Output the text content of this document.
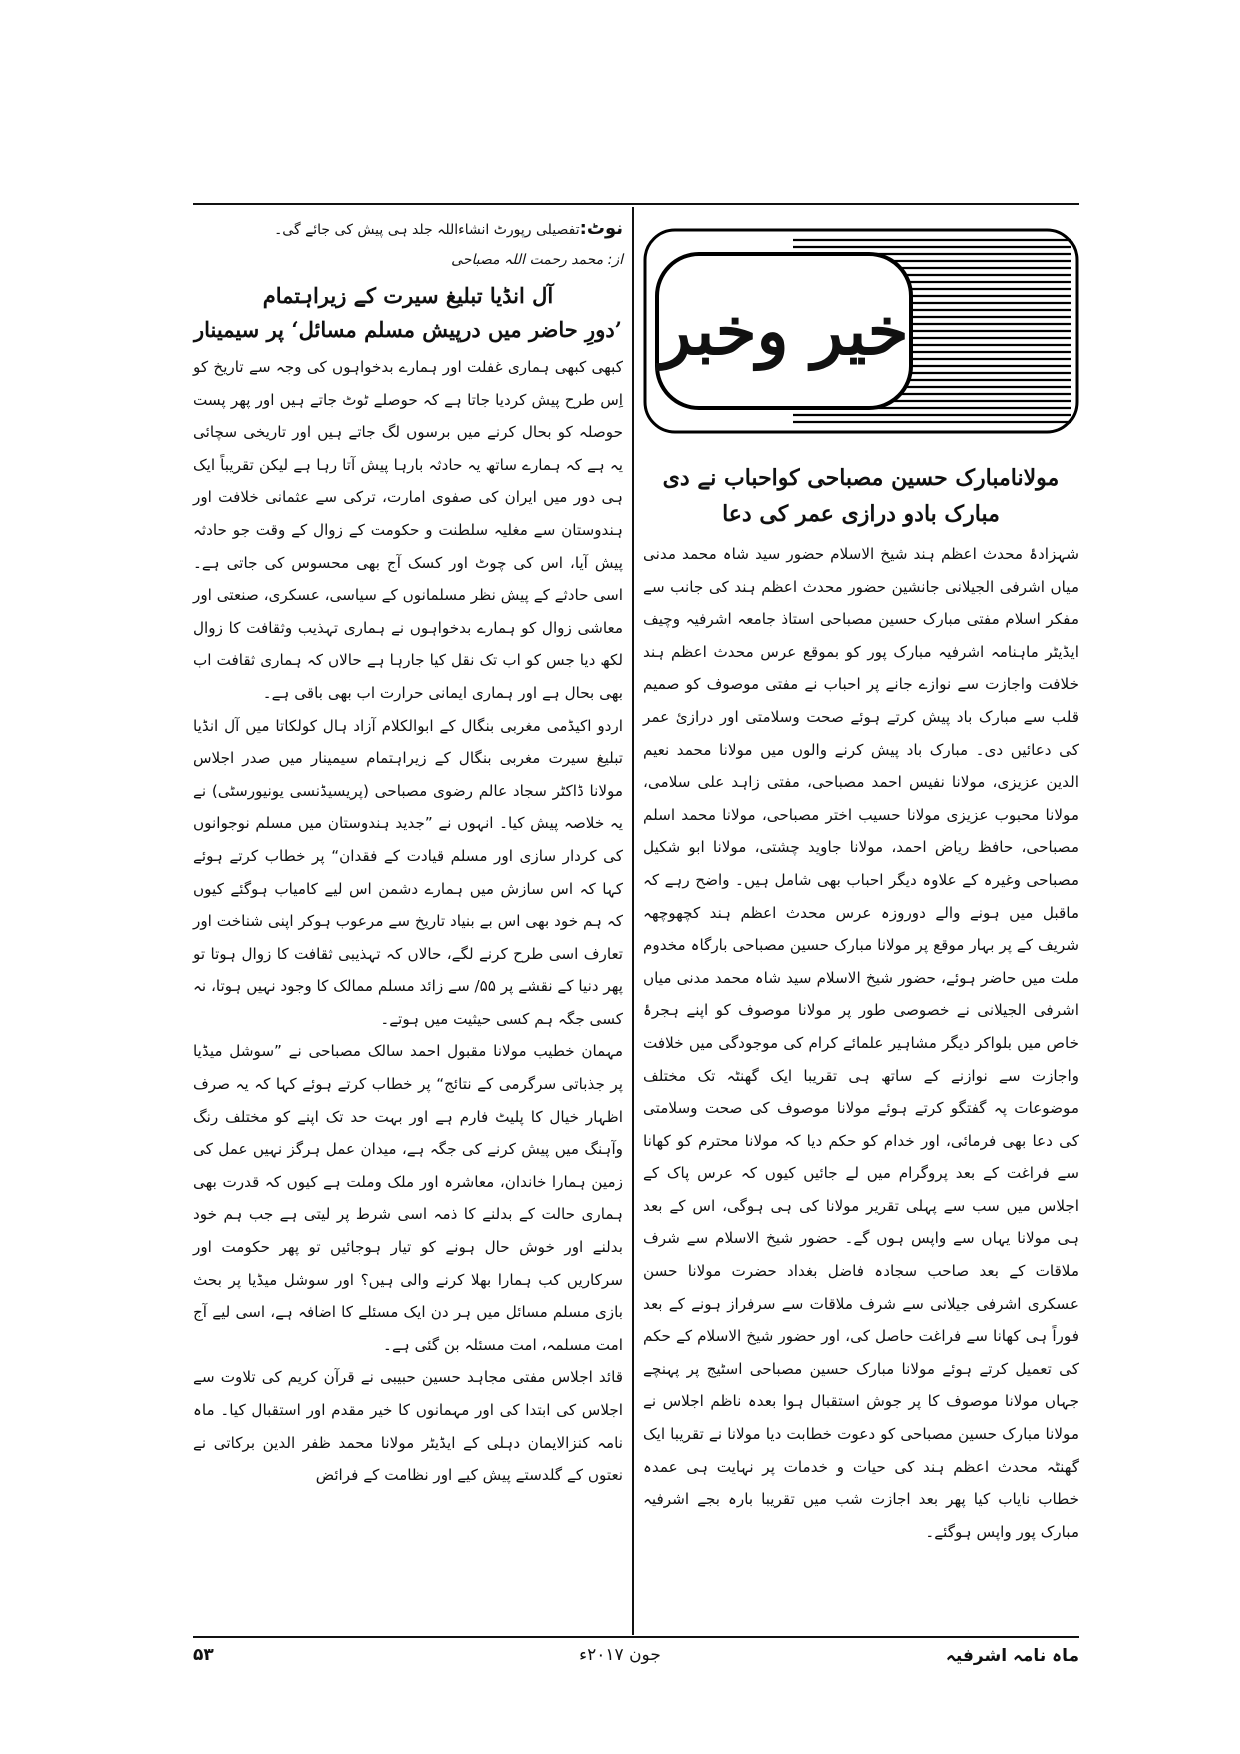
خیر وخبر
مولانامبارک حسین مصباحی کواحباب نے دی
مبارک بادو درازی عمر کی دعا

شہزادۂ محدث اعظم ہند شیخ الاسلام حضور سید شاہ محمد مدنی میاں اشرفی الجیلانی جانشین حضور محدث اعظم ہند کی جانب سے مفکر اسلام مفتی مبارک حسین مصباحی استاذ جامعہ اشرفیہ وچیف ایڈیٹر ماہنامہ اشرفیہ مبارک پور کو بموقع عرس محدث اعظم ہند خلافت واجازت سے نوازے جانے پر احباب نے مفتی موصوف کو صمیم قلب سے مبارک باد پیش کرتے ہوئے صحت وسلامتی اور درازیٔ عمر کی دعائیں دی۔ مبارک باد پیش کرنے والوں میں مولانا محمد نعیم الدین عزیزی، مولانا نفیس احمد مصباحی، مفتی زاہد علی سلامی، مولانا محبوب عزیزی مولانا حسیب اختر مصباحی، مولانا محمد اسلم مصباحی، حافظ ریاض احمد، مولانا جاوید چشتی، مولانا ابو شکیل مصباحی وغیرہ کے علاوہ دیگر احباب بھی شامل ہیں۔ واضح رہے کہ ماقبل میں ہونے والے دوروزہ عرس محدث اعظم ہند کچھوچھہ شریف کے پر بہار موقع پر مولانا مبارک حسین مصباحی بارگاہ مخدوم ملت میں حاضر ہوئے، حضور شیخ الاسلام سید شاہ محمد مدنی میاں اشرفی الجیلانی نے خصوصی طور پر مولانا موصوف کو اپنے ہجرۂ خاص میں بلواکر دیگر مشاہیر علمائے کرام کی موجودگی میں خلافت واجازت سے نوازنے کے ساتھ ہی تقریبا ایک گھنٹہ تک مختلف موضوعات پہ گفتگو کرتے ہوئے مولانا موصوف کی صحت وسلامتی کی دعا بھی فرمائی، اور خدام کو حکم دیا کہ مولانا محترم کو کھانا سے فراغت کے بعد پروگرام میں لے جائیں کیوں کہ عرس پاک کے اجلاس میں سب سے پہلی تقریر مولانا کی ہی ہوگی، اس کے بعد ہی مولانا یہاں سے واپس ہوں گے۔ حضور شیخ الاسلام سے شرف ملاقات کے بعد صاحب سجادہ فاضل بغداد حضرت مولانا حسن عسکری اشرفی جیلانی سے شرف ملاقات سے سرفراز ہونے کے بعد فوراً ہی کھانا سے فراغت حاصل کی، اور حضور شیخ الاسلام کے حکم کی تعمیل کرتے ہوئے مولانا مبارک حسین مصباحی اسٹیج پر پہنچے جہاں مولانا موصوف کا پر جوش استقبال ہوا بعدہ ناظم اجلاس نے مولانا مبارک حسین مصباحی کو دعوت خطابت دیا مولانا نے تقریبا ایک گھنٹہ محدث اعظم ہند کی حیات و خدمات پر نہایت ہی عمدہ خطاب نایاب کیا پھر بعد اجازت شب میں تقریبا بارہ بجے اشرفیہ مبارک پور واپس ہوگئے۔

نوٹ:تفصیلی رپورٹ انشاءاللہ جلد ہی پیش کی جائے گی۔
از: محمد رحمت اللہ مصباحی
آل انڈیا تبلیغ سیرت کے زیراہتمام
’دورِ حاضر میں درپیش مسلم مسائل‘ پر سیمینار

کبھی کبھی ہماری غفلت اور ہمارے بدخواہوں کی وجہ سے تاریخ کو اِس طرح پیش کردیا جاتا ہے کہ حوصلے ٹوٹ جاتے ہیں اور پھر پست حوصلہ کو بحال کرنے میں برسوں لگ جاتے ہیں اور تاریخی سچائی یہ ہے کہ ہمارے ساتھ یہ حادثہ بارہا پیش آتا رہا ہے لیکن تقریباً ایک ہی دور میں ایران کی صفوی امارت، ترکی سے عثمانی خلافت اور ہندوستان سے مغلیہ سلطنت و حکومت کے زوال کے وقت جو حادثہ پیش آیا، اس کی چوٹ اور کسک آج بھی محسوس کی جاتی ہے۔ اسی حادثے کے پیش نظر مسلمانوں کے سیاسی، عسکری، صنعتی اور معاشی زوال کو ہمارے بدخواہوں نے ہماری تہذیب وثقافت کا زوال لکھ دیا جس کو اب تک نقل کیا جارہا ہے حالاں کہ ہماری ثقافت اب بھی بحال ہے اور ہماری ایمانی حرارت اب بھی باقی ہے۔

اردو اکیڈمی مغربی بنگال کے ابوالکلام آزاد ہال کولکاتا میں آل انڈیا تبلیغ سیرت مغربی بنگال کے زیراہتمام سیمینار میں صدر اجلاس مولانا ڈاکٹر سجاد عالم رضوی مصباحی (پریسیڈنسی یونیورسٹی) نے یہ خلاصہ پیش کیا۔ انہوں نے ”جدید ہندوستان میں مسلم نوجوانوں کی کردار سازی اور مسلم قیادت کے فقدان“ پر خطاب کرتے ہوئے کہا کہ اس سازش میں ہمارے دشمن اس لیے کامیاب ہوگئے کیوں کہ ہم خود بھی اس بے بنیاد تاریخ سے مرعوب ہوکر اپنی شناخت اور تعارف اسی طرح کرنے لگے، حالاں کہ تہذیبی ثقافت کا زوال ہوتا تو پھر دنیا کے نقشے پر ۵۵/ سے زائد مسلم ممالک کا وجود نہیں ہوتا، نہ کسی جگہ ہم کسی حیثیت میں ہوتے۔

مہمان خطیب مولانا مقبول احمد سالک مصباحی نے ”سوشل میڈیا پر جذباتی سرگرمی کے نتائج“ پر خطاب کرتے ہوئے کہا کہ یہ صرف اظہار خیال کا پلیٹ فارم ہے اور بہت حد تک اپنے کو مختلف رنگ وآہنگ میں پیش کرنے کی جگہ ہے، میدان عمل ہرگز نہیں عمل کی زمین ہمارا خاندان، معاشرہ اور ملک وملت ہے کیوں کہ قدرت بھی ہماری حالت کے بدلنے کا ذمہ اسی شرط پر لیتی ہے جب ہم خود بدلنے اور خوش حال ہونے کو تیار ہوجائیں تو پھر حکومت اور سرکاریں کب ہمارا بھلا کرنے والی ہیں؟ اور سوشل میڈیا پر بحث بازی مسلم مسائل میں ہر دن ایک مسئلے کا اضافہ ہے، اسی لیے آج امت مسلمہ، امت مسئلہ بن گئی ہے۔

قائد اجلاس مفتی مجاہد حسین حبیبی نے قرآن کریم کی تلاوت سے اجلاس کی ابتدا کی اور مہمانوں کا خیر مقدم اور استقبال کیا۔ ماہ نامہ کنزالایمان دہلی کے ایڈیٹر مولانا محمد ظفر الدین برکاتی نے نعتوں کے گلدستے پیش کیے اور نظامت کے فرائض

ماہ نامہ اشرفیہ
جون ۲۰۱۷ء
۵۳
